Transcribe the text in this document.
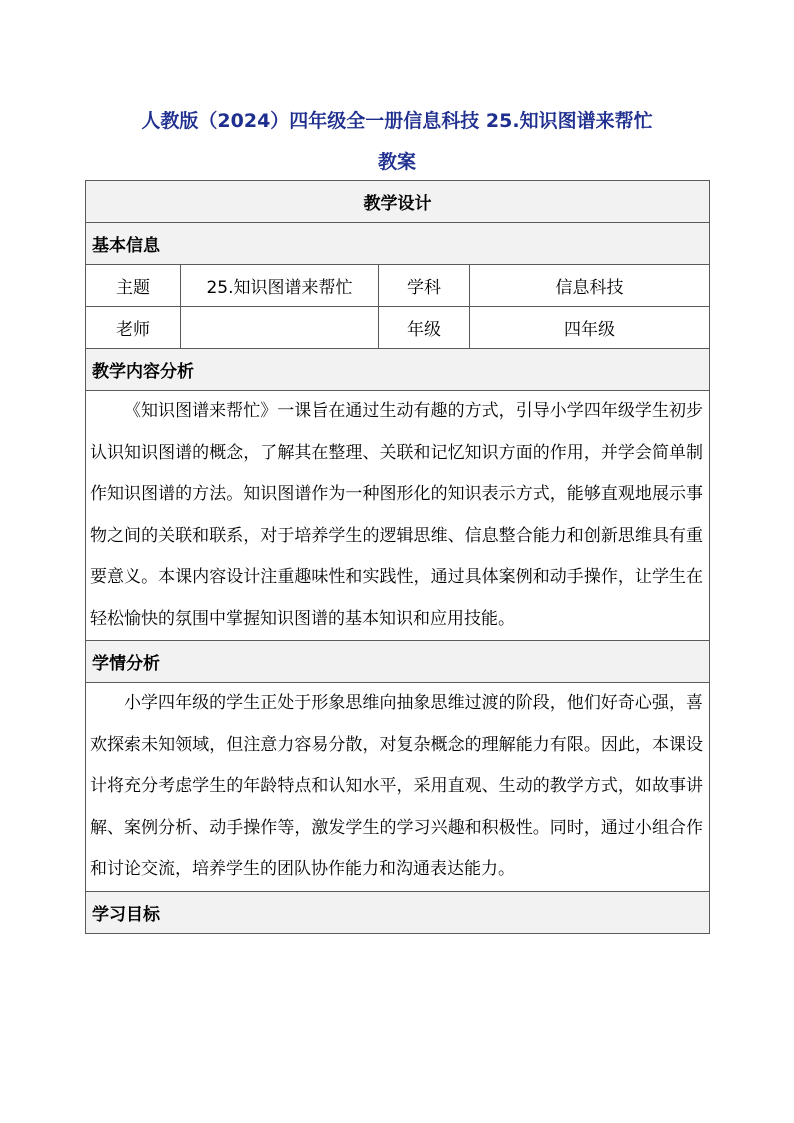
人教版（2024）四年级全一册信息科技 25.知识图谱来帮忙
教案
教学设计			
基本信息			
主题	25.知识图谱来帮忙	学科	信息科技
老师		年级	四年级
教学内容分析			
《知识图谱来帮忙》一课旨在通过生动有趣的方式，引导小学四年级学生初步认识知识图谱的概念，了解其在整理、关联和记忆知识方面的作用，并学会简单制作知识图谱的方法。知识图谱作为一种图形化的知识表示方式，能够直观地展示事物之间的关联和联系，对于培养学生的逻辑思维、信息整合能力和创新思维具有重要意义。本课内容设计注重趣味性和实践性，通过具体案例和动手操作，让学生在轻松愉快的氛围中掌握知识图谱的基本知识和应用技能。			
学情分析			
小学四年级的学生正处于形象思维向抽象思维过渡的阶段，他们好奇心强，喜欢探索未知领域，但注意力容易分散，对复杂概念的理解能力有限。因此，本课设计将充分考虑学生的年龄特点和认知水平，采用直观、生动的教学方式，如故事讲解、案例分析、动手操作等，激发学生的学习兴趣和积极性。同时，通过小组合作和讨论交流，培养学生的团队协作能力和沟通表达能力。			
学习目标			
